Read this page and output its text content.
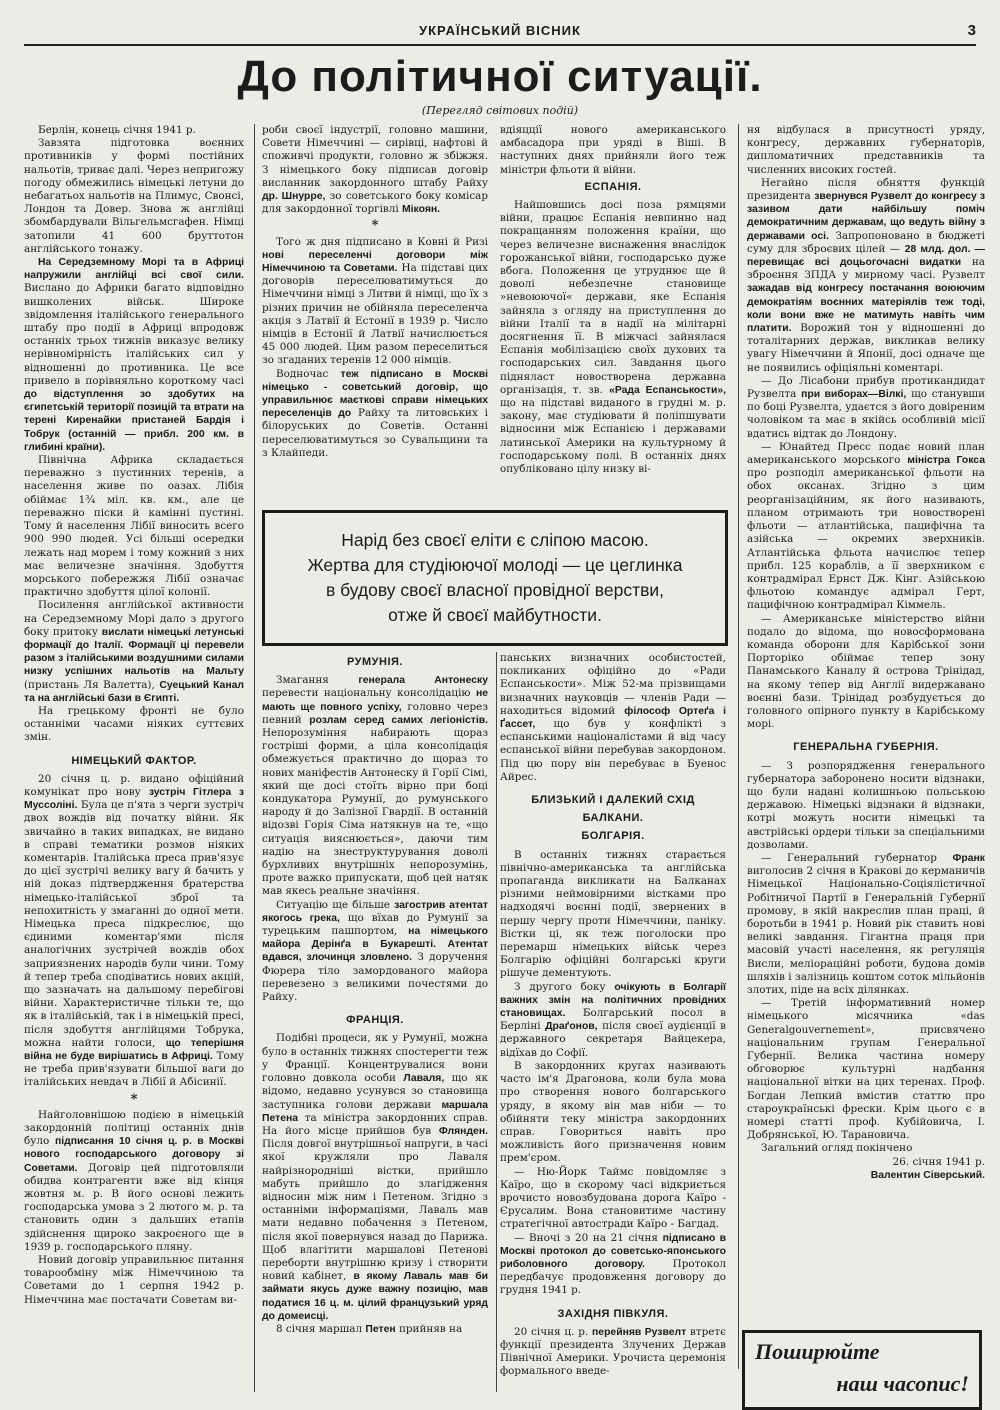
УКРАЇНСЬКИЙ ВІСНИК	3
До політичної ситуації.
(Перегляд світових подій)

Берлін, конець січня 1941 р.

Завзята підготовка воєнних противників у формі постійних нальотів, триває далі. Через непригожу погоду обмежились німецькі летуни до небагатьох нальотів на Плимус, Свонсі, Лондон та Довер. Знова ж англійці збомбардували Вільгельмсгафен. Німці затопили 41 600 бруттотон англійського тонажу.

На Середземному Морі та в Африці напружили англійці всі свої сили. Вислано до Африки багато відповідно вишколених військ. Широке звідомлення італійського генерального штабу про події в Африці впродовж останніх трьох тижнів виказує велику нерівномірність італійських сил у відношенні до противника. Це все привело в порівняльно короткому часі до відступлення зо здобутих на єгипетській території позицій та втрати на терені Киренайки пристаней Бардія і Тобрук (останній — прибл. 200 км. в глибині країни).

Північна Африка складається переважно з пустинних теренів, а населення живе по оазах. Лібія обіймає 1¾ міл. кв. км., але це переважно піски й камінні пустині. Тому й населення Лібії виносить всего 900 990 людей. Усі більші осередки лежать над морем і тому кожний з них має величезне значіння. Здобуття морського побережжя Лібії означає практично здобуття цілої колонії.

Посилення англійської активности на Середземному Морі дало з другого боку притоку вислати німецькі летунські формації до Італії. Формації ці перевели разом з італійськими воздушними силами низку успішних нальотів на Мальту (пристань Ля Валетта), Суецький Канал та на англійські бази в Єгипті.

На грецькому фронті не було останніми часами ніяких суттєвих змін.

НІМЕЦЬКИЙ ФАКТОР.

20 січня ц. р. видано офіційний комунікат про нову зустріч Гітлера з Муссоліні. Була це п'ята з черги зустріч двох вождів від початку війни. Як звичайно в таких випадках, не видано в справі тематики розмов ніяких коментарів. Італійська преса прив'язує до цієї зустрічі велику вагу й бачить у ній доказ підтвердження братерства німецько-італійської зброї та непохитність у змаганні до одної мети. Німецька преса підкреслює, що єдиними коментар'ями після аналогічних зустрічей вождів обох заприязнених народів були чини. Тому й тепер треба сподіватись нових акцій, що зазначать на дальшому перебігові війни. Характеристичне тільки те, що як в італійській, так і в німецькій пресі, після здобуття англійцями Тобрука, можна найти голоси, що теперішня війна не буде вирішатись в Африці. Тому не треба прив'язувати більшої ваги до італійських невдач в Лібії й Абісинії.

*

Найголовнішою подією в німецькій закордонній політиці останніх днів було підписання 10 січня ц. р. в Москві нового господарського договору зі Советами. Договір цей підготовляли обидва контрагенти вже від кінця жовтня м. р. В його основі лежить господарська умова з 2 лютого м. р. та становить один з дальших етапів здійснення щироко закроєного ще в 1939 р. господарського пляну.

Новий договір управильнює питання товарообміну між Німеччиною та Советами до 1 серпня 1942 р. Німеччина має постачати Советам ви-

роби своєї індустрії, головно машини, Совети Німеччині — сирівці, нафтові й споживчі продукти, головно ж збіжжя. З німецького боку підписав договір висланник закордонного штабу Райху др. Шнурре, зо советського боку комісар для закордонної торгівлі Мікоян.

*

Того ж дня підписано в Ковні й Ризі нові переселенчі договори між Німеччиною та Советами. На підставі цих договорів переселюватимуться до Німеччини німці з Литви й німці, що їх з різних причин не обійняла переселенча акція з Латвії й Естонії в 1939 р. Число німців в Естонії й Латвії начислюється 45 000 людей. Цим разом переселиться зо згаданих теренів 12 000 німців.

Водночас теж підписано в Москві німецько - советський договір, що управильнює маєткові справи німецьких переселенців до Райху та литовських і білоруських до Советів. Останні переселюватимуться зо Сувальщини та з Клайпеди.

вдіяцції нового американського амбасадора при уряді в Віші. В наступних днях прийняли його теж міністри фльоти й війни.

ЕСПАНІЯ.

Найшовшись досі поза рямцями війни, працює Еспанія невпинно над покращанням положення країни, що через величезне виснаження внаслідок горожанської війни, господарсько дуже вбога. Положення це утруднює ще й доволі небезпечне становище »невоюючої« держави, яке Еспанія зайняла з огляду на приступлення до війни Італії та в надії на мілітарні досягнення її. В міжчасі зайнялася Еспанія мобілізацією своїх духових та господарських сил. Завдання цього підняласт новостворена державна організація, т. зв. «Рада Еспанськости», що на підставі виданого в грудні м. р. закону, має студіювати й поліпшувати відносини між Еспанією і державами латинської Америки на культурному й господарському полі. В останніх днях опубліковано цілу низку ві-

Нарід без своєї еліти є сліпою масою.
Жертва для студіюючої молоді — це цеглинка
в будову своєї власної провідної верстви,
отже й своєї майбутности.
РУМУНІЯ.

Змагання генерала Антонеску перевести національну консолідацію не мають ще повного успіху, головно через певний розлам серед самих легіоністів. Непорозуміння набирають щораз гостріші форми, а ціла консолідація обмежується практично до щораз то нових маніфестів Антонеску й Горії Сімі, який ще досі стоїть вірно при боці кондукатора Румунії, до румунського народу й до Залізної Гвардії. В останній відозві Горія Сіма натякнув на те, «що ситуація вияснюється», даючи тим надію на знеструктурування доволі бурхливих внутрішніх непорозумінь, проте важко припускати, щоб цей натяк мав якесь реальне значіння.

Ситуацію ще більше загострив атентат якогось грека, що вїхав до Румунії за турецьким пашпортом, на німецького майора Дерінґа в Букарешті. Атентат вдався, злочинця зловлено. З доручення Фюрера тіло замордованого майора перевезено з великими почестями до Райху.

ФРАНЦІЯ.

Подібні процеси, як у Румунії, можна було в останніх тижнях спостерегти теж у Франції. Концентрувалися вони головно довкола особи Лаваля, що як відомо, недавно усунувся зо становища заступника голови держави маршала Петена та міністра закордонних справ. На його місце прийшов був Фляндeн. Після довгої внутрішньої напруги, в часі якої кружляли про Лаваля найрізнородніші вістки, прийшло мабуть прийшло до злагідження відносин між ним і Петеном. Згідно з останніми інформаціями, Лаваль мав мати недавно побачення з Петеном, після якої повернувся назад до Парижа. Щоб влагітити маршалові Петенові переборти внутрішню кризу і створити новий кабінет, в якому Лаваль мав би займати якусь дуже важну позицію, мав податися 16 ц. м. цілий французький уряд до домеисці.

8 січня маршал Петен прийняв на

панських визначних особистостей, покликаних офіційно до «Ради Еспанськости». Між 52-ма прізвищами визначних науковців — членів Ради — находиться відомий філософ Ортеґа і Ґассет, що був у конфлікті з еспанськими націоналістами й від часу еспанської війни перебував закордоном. Під цю пору він перебуває в Буенос Айрес.

БЛИЗЬКИЙ І ДАЛЕКИЙ СХІД
БАЛКАНИ.
БОЛГАРІЯ.

В останніх тижнях старається північно-американська та англійська пропаганда викликати на Балканах різними неймовірними вістками про надходячі воєнні події, звернених в першу чергу проти Німеччини, паніку. Вістки ці, як теж поголоски про перемарш німецьких військ через Болгарію офіційні болгарські круги рішуче дементують.

З другого боку очікують в Болгарії важних змін на політичних провідних становищах. Болгарський посол в Берліні Драґонов, після своєї аудієнції в державного секретаря Вайцекера, відїхав до Софії.

В закордонних кругах називають часто ім'я Драгонова, коли була мова про створення нового болгарського уряду, в якому він мав ніби — то обійняти теку міністра закордонних справ. Говориться навіть про можливість його призначення новим прем'єром.

— Ню-Йорк Таймс повідомляє з Каїро, що в скорому часі відкриється врочисто новозбудована дорога Каїро - Єрусалим. Вона становитиме частину стратегічної автостради Каїро - Багдад.

— Вночі з 20 на 21 січня підписано в Москві протокол до советсько-японського риболовного договору. Протокол передбачує продовження договору до грудня 1941 р.

ЗАХІДНЯ ПІВКУЛЯ.

20 січня ц. р. перейняв Рузвелт втретє функції президента Злучених Держав Північної Америки. Урочиста церемонія формального введе-

ня відбулася в присутності уряду, конгресу, державних губернаторів, дипломатичних представників та численних високих гостей.

Негайно після обняття функцій президента звернувся Рузвелт до конгресу з зазивом дати найбільшу поміч демократичним державам, що ведуть війну з державами осі. Запропоновано в бюджеті суму для зброєвих цілей — 28 млд. дол. — перевищає всі доцьогочасні видатки на зброєння ЗПДА у мирному часі. Рузвелт зажадав від конгресу постачання воюючим демократіям воєнних матеріялів теж тоді, коли вони вже не матимуть навіть чим платити. Ворожий тон у відношенні до тоталітарних держав, викликав велику увагу Німеччини й Японії, досі одначе ще не появились офіціяльні коментарі.

— До Лісабони прибув протикандидат Рузвелта при виборах—Вілкі, що станувши по боці Рузвелта, удаєтся з його довіреним чоловіком та має в якійсь особливій місії вдатись відтак до Лондону.

— Юнайтед Пресс подає новий план американського морського міністра Гокса про розподіл американської фльоти на обох оксанах. Згідно з цим реорганізаційним, як його називають, планом отримають три новостворені фльоти — атлантійська, пацифічна та азійська — окремих зверхників. Атлантійська фльота начислює тепер прибл. 125 кораблів, а її зверхником є контрадмірал Ернст Дж. Кінг. Азійською фльотою командує адмірал Герт, пацифічною контрадмірал Кіммель.

— Американське міністерство війни подало до відома, що новосформована команда оборони для Карібської зони Порторіко обіймає тепер зону Панамського Каналу й острова Трінідад, на якому тепер від Англії видержаванo воєнні бази. Трінідад розбудується до головного опірного пункту в Карібському морі.

ГЕНЕРАЛЬНА ГУБЕРНІЯ.

— З розпорядження генерального губернатора заборонено носити відзнаки, що були надані колишньою польською державою. Німецькі відзнаки й відзнаки, котрі можуть носити німецькі та австрійські ордери тільки за спеціальними дозволами.

— Генеральний губернатор Франк виголосив 2 січня в Кракові до керманичів Німецької Національно-Соціялістичної Робітничої Партії в Генеральній Губернії промову, в якій накреслив план праці, й боротьби в 1941 р. Новий рік ставить нові великі завдання. Гігантна праця при масовій участі населення, як регуляція Висли, меліораційні роботи, будова домів шляхів і залізниць коштом соток мільйонів злотих, піде на всіх ділянках.

— Третій інформативний номер німецького місячника «das Generalgouvernement», присвячено національним групам Генеральної Губернії. Велика частина номеру обговорює культурні надбання національної вітки на цих теренах. Проф. Богдан Лепкий вмістив статтю про староукраїнські фрески. Крім цього є в номері статті проф. Кубійовича, І. Добрянської, Ю. Тарановича.

Загальний огляд покінчено

26. січня 1941 р.
Валентин Сіверський.
Поширюйте
наш часопис!
